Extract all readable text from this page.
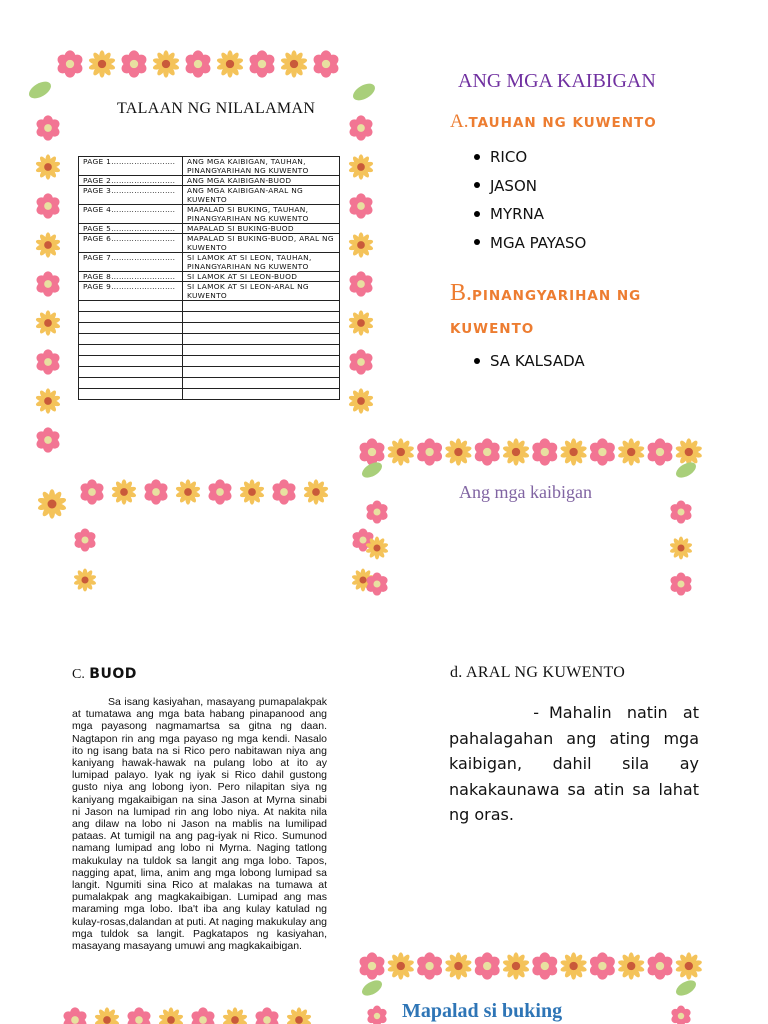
TALAAN NG NILALAMAN
PAGE 1…………………….	ANG MGA KAIBIGAN, TAUHAN, PINANGYARIHAN NG KUWENTO
PAGE 2…………………….	ANG MGA KAIBIGAN-BUOD
PAGE 3…………………….	ANG MGA KAIBIGAN-ARAL NG KUWENTO
PAGE 4…………………….	MAPALAD SI BUKING, TAUHAN, PINANGYARIHAN NG KUWENTO
PAGE 5…………………….	MAPALAD SI BUKING-BUOD
PAGE 6…………………….	MAPALAD SI BUKING-BUOD, ARAL NG KUWENTO
PAGE 7…………………….	SI LAMOK AT SI LEON, TAUHAN, PINANGYARIHAN NG KUWENTO
PAGE 8…………………….	SI LAMOK AT SI LEON-BUOD
PAGE 9…………………….	SI LAMOK AT SI LEON-ARAL NG KUWENTO

ANG MGA KAIBIGAN
A.TAUHAN NG KUWENTO
RICO
JASON
MYRNA
MGA PAYASO
B.PINANGYARIHAN NG
KUWENTO
SA KALSADA
Ang mga kaibigan
C. BUOD

Sa isang kasiyahan, masayang pumapalakpak at tumatawa ang mga bata habang pinapanood ang mga payasong nagmamartsa sa gitna ng daan. Nagtapon rin ang mga payaso ng mga kendi. Nasalo ito ng isang bata na si Rico pero nabitawan niya ang kaniyang hawak-hawak na pulang lobo at ito ay lumipad palayo. Iyak ng iyak si Rico dahil gustong gusto niya ang lobong iyon. Pero nilapitan siya ng kaniyang mgakaibigan na sina Jason at Myrna sinabi ni Jason na lumipad rin ang lobo niya. At nakita nila ang dilaw na lobo ni Jason na mablis na lumilipad pataas. At tumigil na ang pag-iyak ni Rico. Sumunod namang lumipad ang lobo ni Myrna. Naging tatlong makukulay na tuldok sa langit ang mga lobo. Tapos, nagging apat, lima, anim ang mga lobong lumipad sa langit. Ngumiti sina Rico at malakas na tumawa at pumalakpak ang magkakaibigan. Lumipad ang mas maraming mga lobo. Iba't iba ang kulay katulad ng kulay-rosas,dalandan at puti. At naging makukulay ang mga tuldok sa langit. Pagkatapos ng kasiyahan, masayang masayang umuwi ang magkakaibigan.

d. ARAL NG KUWENTO

- Mahalin natin at pahalagahan ang ating mga kaibigan, dahil sila ay nakakaunawa sa atin sa lahat ng oras.

Mapalad si buking
